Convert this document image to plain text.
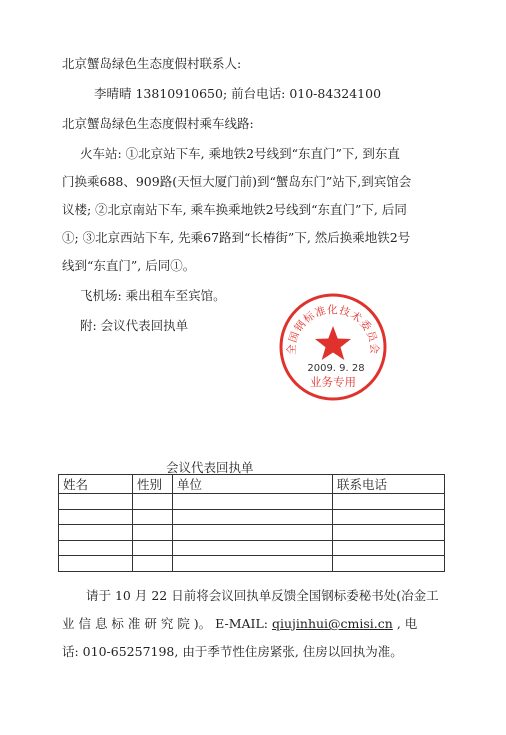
北京蟹岛绿色生态度假村联系人:
李晴晴 13810910650; 前台电话: 010-84324100
北京蟹岛绿色生态度假村乘车线路:
火车站: ①北京站下车, 乘地铁2号线到“东直门”下, 到东直
门换乘688、909路(天恒大厦门前)到“蟹岛东门”站下,到宾馆会
议楼; ②北京南站下车, 乘车换乘地铁2号线到“东直门”下, 后同
①; ③北京西站下车, 先乘67路到“长椿街”下, 然后换乘地铁2号
线到“东直门”, 后同①。
飞机场: 乘出租车至宾馆。
附: 会议代表回执单
全国钢标准化技术委员会
2009. 9. 28
业务专用
会议代表回执单
姓名	性别	单位	联系电话

请于 10 月 22 日前将会议回执单反馈全国钢标委秘书处(冶金工
业 信 息 标 准 研 究 院 )。 E-MAIL: qiujinhui@cmisi.cn , 电
话: 010-65257198, 由于季节性住房紧张, 住房以回执为准。
